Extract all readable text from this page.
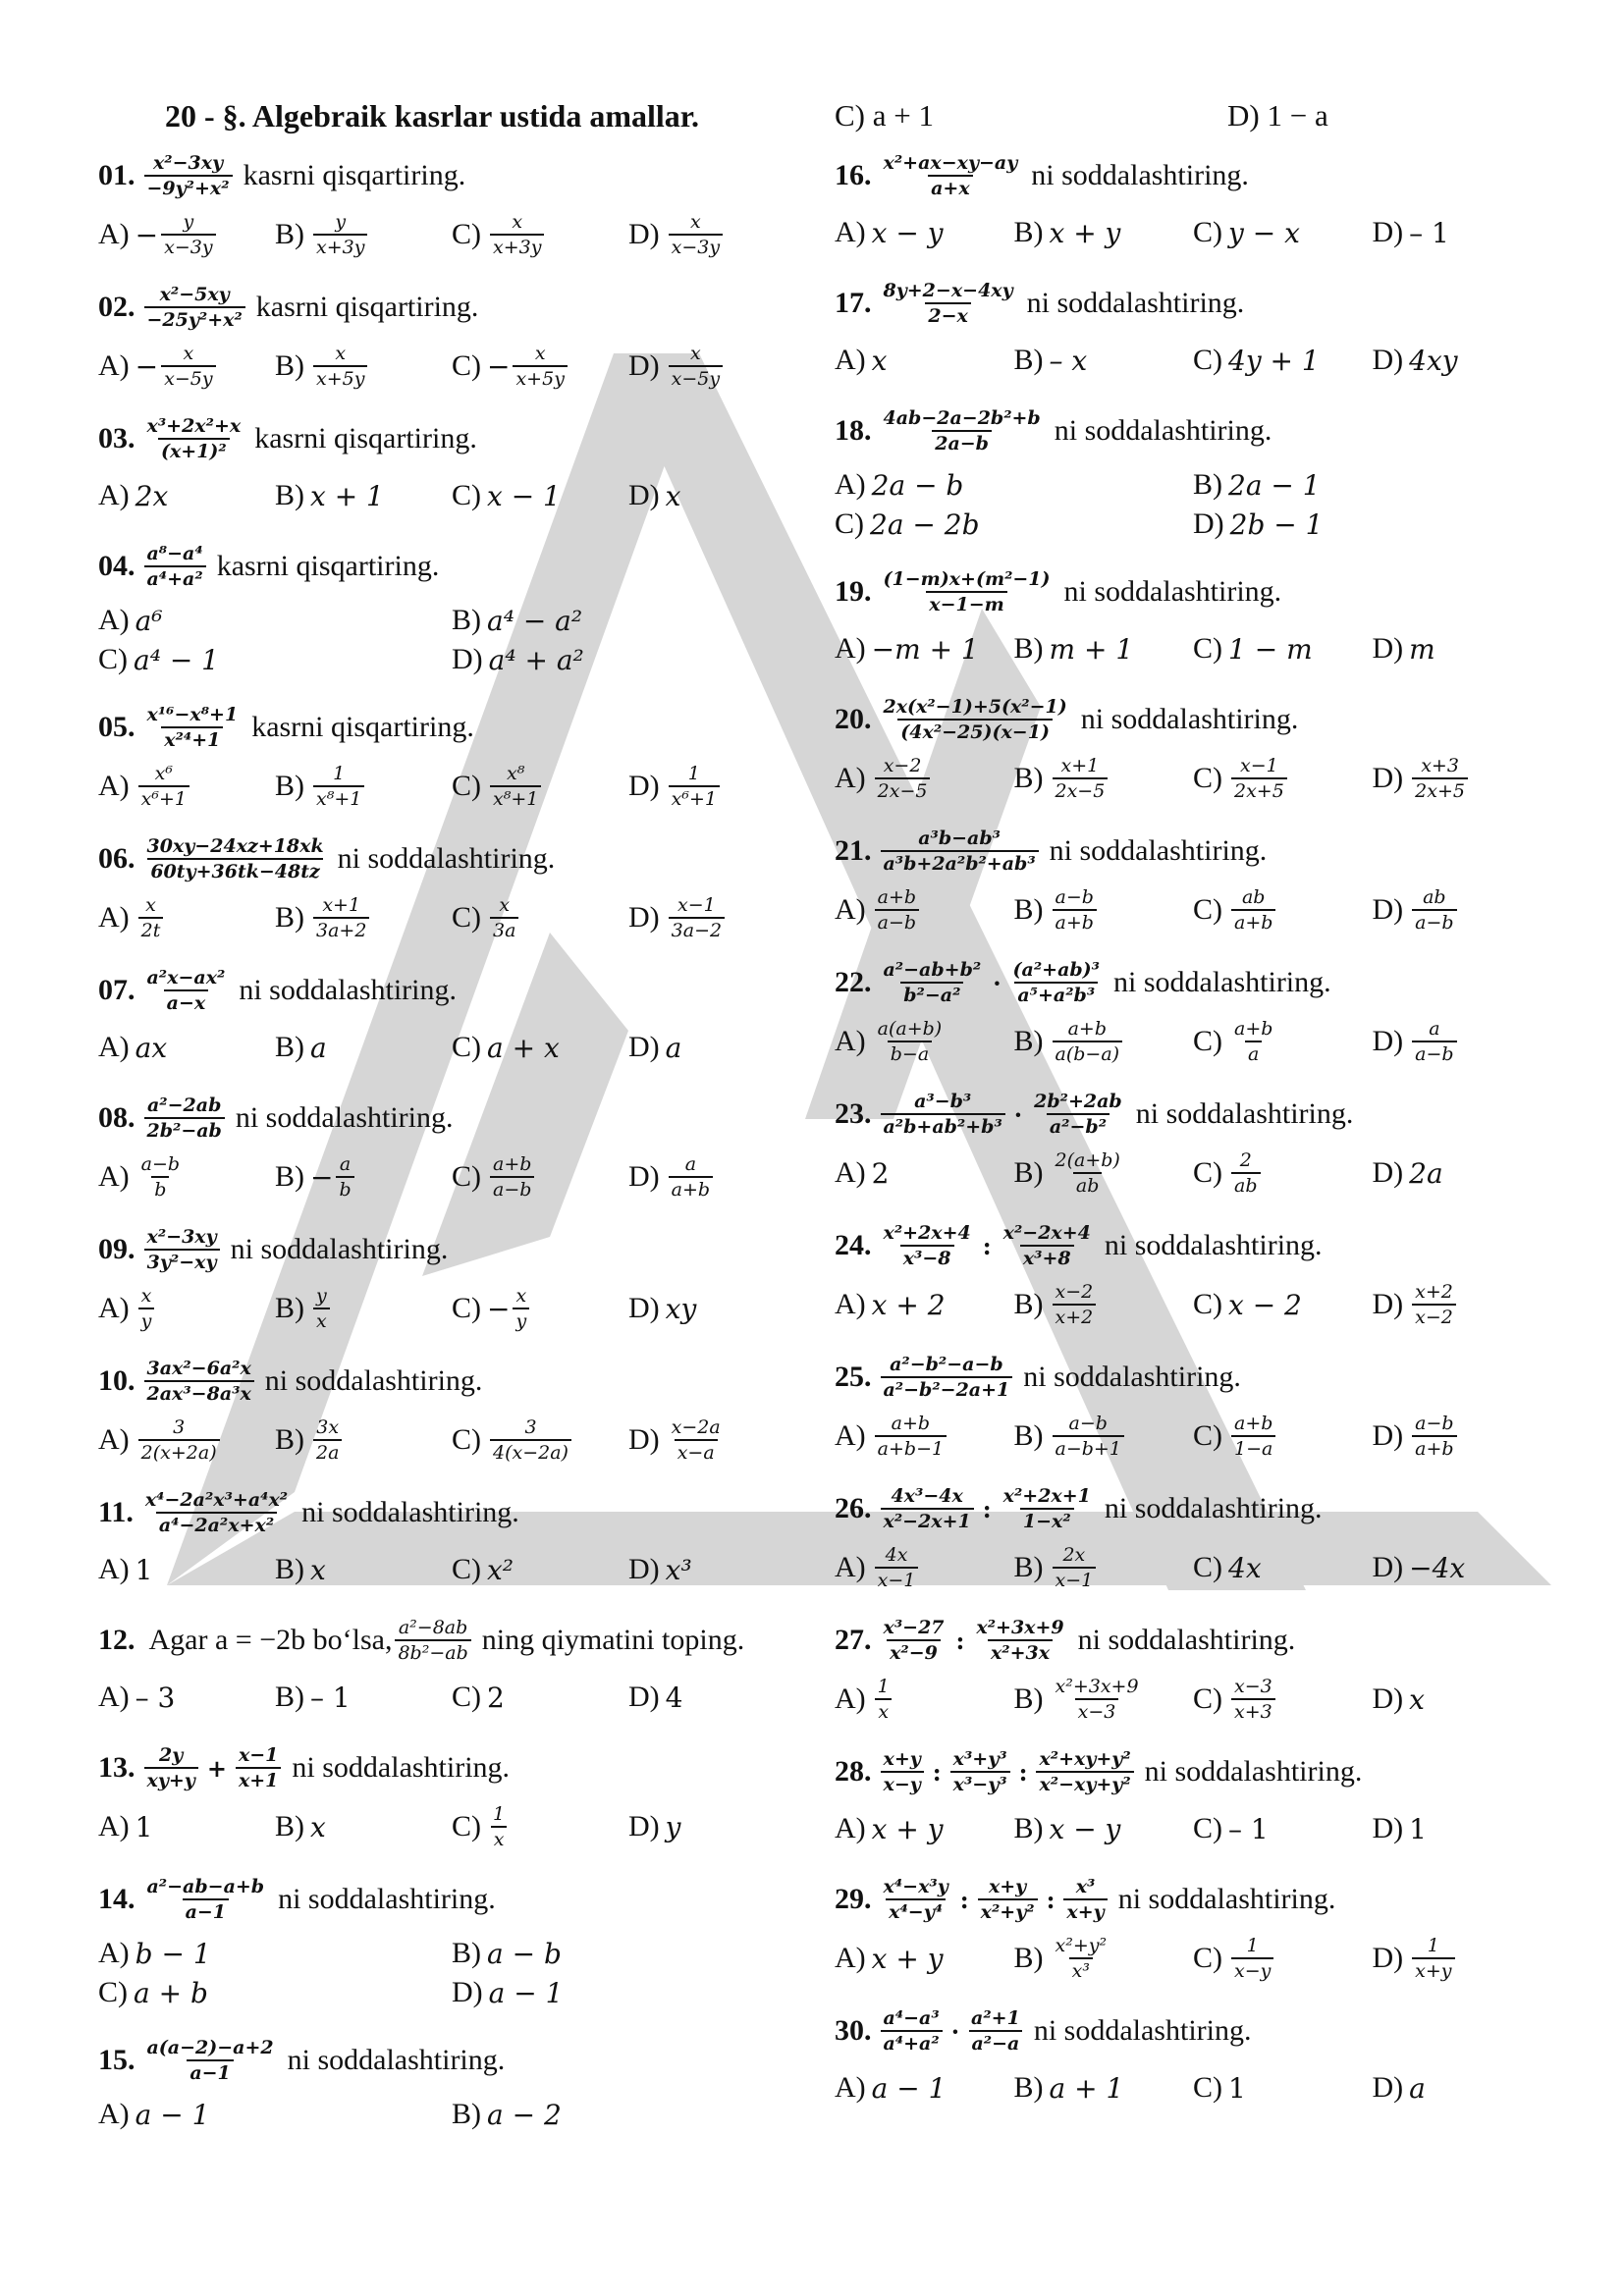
20 - §. Algebraik kasrlar ustida amallar.
01. $\frac{\text{x²−3xy}}{\text{−9y²+x²}}$ kasrni qisqartiring.
$A) - \frac{y}{x-3y} B) \frac{y}{x+3y}$	$C) \frac{x}{x+3y}$	$D) \frac{x}{x-3y}$
02. $\frac{\text{x²−5xy}}{\text{−25y²+x²}}$ kasrni qisqartiring.
$A) - \frac{x}{x-5y} B) \frac{x}{x+5y}$	$C) - \frac{x}{x+5y} D) \frac{x}{x-5y}$
03. $\frac{\text{x³+2x²+x}}{\text{(x+1)²}}$ kasrni qisqartiring.
A) 2x	B) x + 1 C) x − 1 D) x
04. $\frac{\text{a⁸−a⁴}}{\text{a⁴+a²}}$ kasrni qisqartiring.
A) a⁶	B) a⁴ − a²
C) a⁴ − 1	D) a⁴ + a²
05. $\frac{\text{x¹⁶−x⁸+1}}{\text{x²⁴+1}}$ kasrni qisqartiring.
$A) \frac{\text{x⁶}}{\text{x⁶+1}}$	$B) \frac{1}{\text{x⁸+1}}$	$C) \frac{\text{x⁸}}{\text{x⁸+1}}$	$D) \frac{1}{\text{x⁶+1}}$
06. $\frac{30xy-24xz+18xk}{60ty+36tk-48tz}$ ni soddalashtiring.
$A) \frac{x}{2t}$	$B) \frac{x+1}{3a+2}$	$C) \frac{x}{3a}$	$D) \frac{x-1}{3a-2}$
07. $\frac{\text{a²x−ax²}}{a-x}$ ni soddalashtiring.
A) ax	B) a	C) a + x D) a
08. $\frac{\text{a²−2ab}}{\text{2b²−ab}}$ ni soddalashtiring.
$A) \frac{a-b}{b}$	$B) - \frac{a}{b}$	$C) \frac{a+b}{a-b}$	$D) \frac{a}{a+b}$
09. $\frac{\text{x²−3xy}}{\text{3y²−xy}}$ ni soddalashtiring.
$A) \frac{x}{y}$	$B) \frac{y}{x}$	$C) - \frac{x}{y}$	D) xy
10. $\frac{\text{3ax²−6a²x}}{\text{2ax³−8a³x}}$ ni soddalashtiring.
$A) \frac{3}{2(x+2a)} B) \frac{3x}{2a}$	$C) \frac{3}{4(x-2a)} D) \frac{x-2a}{x-a}$
11. $\frac{\text{x⁴−2a²x³+a⁴x²}}{\text{a⁴−2a²x+x²}}$ ni soddalashtiring.
A) 1	B) x	C) x²	D) x³
12. Agar a = −2b bo‘lsa, $\frac{\text{a²−8ab}}{\text{8b²−ab}}$ ning qiymatini toping.
A) – 3	B) – 1	C) 2	D) 4
13. $\frac{2y}{xy+y} + \frac{x-1}{x+1}$ ni soddalashtiring.
A) 1	B) x	$C) \frac{1}{x}$	D) y
14. $\frac{\text{a²−ab−a+b}}{a-1}$ ni soddalashtiring.
A) b − 1	B) a − b
C) a + b	D) a − 1
15. $\frac{a(a-2)-a+2}{a-1}$ ni soddalashtiring.
A) a − 1	B) a − 2
C) a + 1	D) 1 − a
16. $\frac{\text{x²+ax−xy−ay}}{a+x}$ ni soddalashtiring.
A) x − y B) x + y C) y − x D) – 1
17. $\frac{8y+2-x-4xy}{2-x}$ ni soddalashtiring.
A) x	B) – x	C) 4y + 1 D) 4xy
18. $\frac{\text{4ab−2a−2b²+b}}{2a-b}$ ni soddalashtiring.
A) 2a − b	B) 2a − 1
C) 2a − 2b	D) 2b − 1
19. $\frac{\text{(1−m)x+(m²−1)}}{x-1-m}$ ni soddalashtiring.
A) −m + 1 B) m + 1 C) 1 − m D) m
20. $\frac{\text{2x(x²−1)+5(x²−1)}}{\text{(4x²−25)(x−1)}}$ ni soddalashtiring.
$A) \frac{x-2}{2x-5}$	$B) \frac{x+1}{2x-5}$	$C) \frac{x-1}{2x+5}$	$D) \frac{x+3}{2x+5}$
21. $\frac{\text{a³b−ab³}}{\text{a³b+2a²b²+ab³}}$ ni soddalashtiring.
$A) \frac{a+b}{a-b}$	$B) \frac{a-b}{a+b}$	$C) \frac{ab}{a+b}$	$D) \frac{ab}{a-b}$
22. $\frac{\text{a²−ab+b²}}{\text{b²−a²}} \cdot \frac{\text{(a²+ab)³}}{\text{a⁵+a²b³}}$ ni soddalashtiring.
$A) \frac{a(a+b)}{b-a} B) \frac{a+b}{a(b-a)} C) \frac{a+b}{a}$	$D) \frac{a}{a-b}$
23. $\frac{\text{a³−b³}}{\text{a²b+ab²+b³}} \cdot \frac{\text{2b²+2ab}}{\text{a²−b²}}$ ni soddalashtiring.
A) 2	$B) \frac{2(a+b)}{ab} C) \frac{2}{ab}$	D) 2a
24. $\frac{\text{x²+2x+4}}{\text{x³−8}}$ : $\frac{\text{x²−2x+4}}{\text{x³+8}}$ ni soddalashtiring.
A) x + 2 $B) \frac{x-2}{x+2}$	C) x − 2 $D) \frac{x+2}{x-2}$
25. $\frac{\text{a²−b²−a−b}}{\text{a²−b²−2a+1}}$ ni soddalashtiring.
$A) \frac{a+b}{a+b-1} B) \frac{a-b}{a-b+1} C) \frac{a+b}{1-a}$	$D) \frac{a-b}{a+b}$
26. $\frac{\text{4x³−4x}}{\text{x²−2x+1}}$ : $\frac{\text{x²+2x+1}}{\text{1−x²}}$ ni soddalashtiring.
$A) \frac{4x}{x-1}$	$B) \frac{2x}{x-1}$	C) 4x	D) −4x
27. $\frac{\text{x³−27}}{\text{x²−9}}$ : $\frac{\text{x²+3x+9}}{\text{x²+3x}}$ ni soddalashtiring.
$A) \frac{1}{x}$	$B) \frac{\text{x²+3x+9}}{x-3} C) \frac{x-3}{x+3}$	D) x
28. $\frac{x+y}{x-y}$ : $\frac{\text{x³+y³}}{\text{x³−y³}}$ : $\frac{\text{x²+xy+y²}}{\text{x²−xy+y²}}$ ni soddalashtiring.
A) x + y B) x − y C) – 1	D) 1
29. $\frac{\text{x⁴−x³y}}{\text{x⁴−y⁴}}$ : $\frac{x+y}{\text{x²+y²}}$ : $\frac{\text{x³}}{x+y}$ ni soddalashtiring.
A) x + y $B) \frac{\text{x²+y²}}{\text{x³}}$	$C) \frac{1}{x-y}$	$D) \frac{1}{x+y}$
30. $\frac{\text{a⁴−a³}}{\text{a⁴+a²}} \cdot \frac{\text{a²+1}}{\text{a²−a}}$ ni soddalashtiring.
A) a − 1 B) a + 1 C) 1	D) a
